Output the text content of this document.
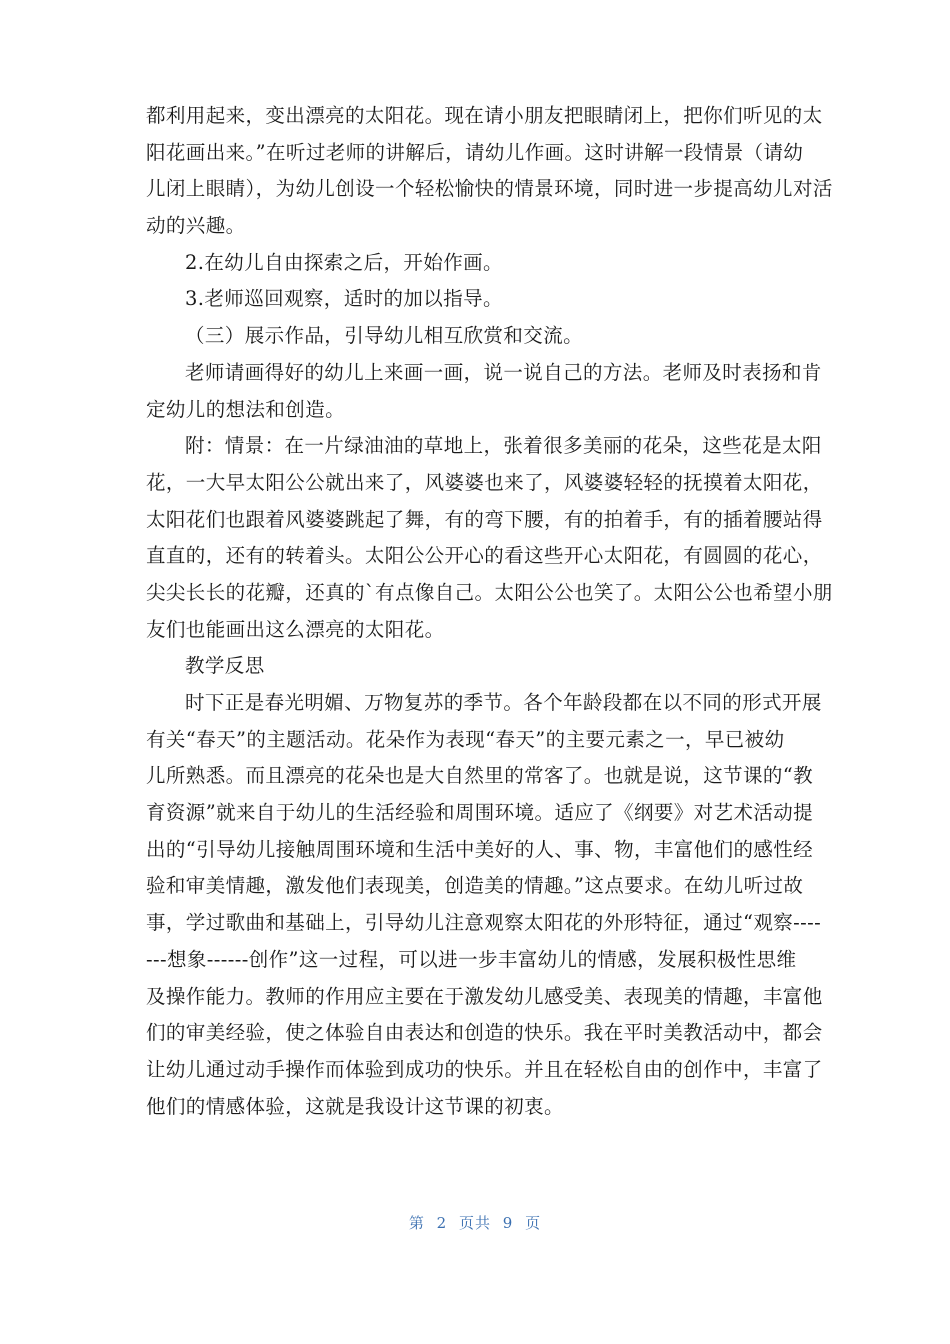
都利用起来，变出漂亮的太阳花。现在请小朋友把眼睛闭上，把你们听见的太
阳花画出来。”在听过老师的讲解后，请幼儿作画。这时讲解一段情景（请幼
儿闭上眼睛），为幼儿创设一个轻松愉快的情景环境，同时进一步提高幼儿对活
动的兴趣。
2.在幼儿自由探索之后，开始作画。
3.老师巡回观察，适时的加以指导。
（三）展示作品，引导幼儿相互欣赏和交流。
老师请画得好的幼儿上来画一画，说一说自己的方法。老师及时表扬和肯
定幼儿的想法和创造。
附：情景：在一片绿油油的草地上，张着很多美丽的花朵，这些花是太阳
花，一大早太阳公公就出来了，风婆婆也来了，风婆婆轻轻的抚摸着太阳花，
太阳花们也跟着风婆婆跳起了舞，有的弯下腰，有的拍着手，有的插着腰站得
直直的，还有的转着头。太阳公公开心的看这些开心太阳花，有圆圆的花心，
尖尖长长的花瓣，还真的`有点像自己。太阳公公也笑了。太阳公公也希望小朋
友们也能画出这么漂亮的太阳花。
教学反思
时下正是春光明媚、万物复苏的季节。各个年龄段都在以不同的形式开展
有关“春天”的主题活动。花朵作为表现“春天”的主要元素之一，早已被幼
儿所熟悉。而且漂亮的花朵也是大自然里的常客了。也就是说，这节课的“教
育资源”就来自于幼儿的生活经验和周围环境。适应了《纲要》对艺术活动提
出的“引导幼儿接触周围环境和生活中美好的人、事、物，丰富他们的感性经
验和审美情趣，激发他们表现美，创造美的情趣。”这点要求。在幼儿听过故
事，学过歌曲和基础上，引导幼儿注意观察太阳花的外形特征，通过“观察----
---想象------创作”这一过程，可以进一步丰富幼儿的情感，发展积极性思维
及操作能力。教师的作用应主要在于激发幼儿感受美、表现美的情趣，丰富他
们的审美经验，使之体验自由表达和创造的快乐。我在平时美教活动中，都会
让幼儿通过动手操作而体验到成功的快乐。并且在轻松自由的创作中，丰富了
他们的情感体验，这就是我设计这节课的初衷。
第 2 页共 9 页
